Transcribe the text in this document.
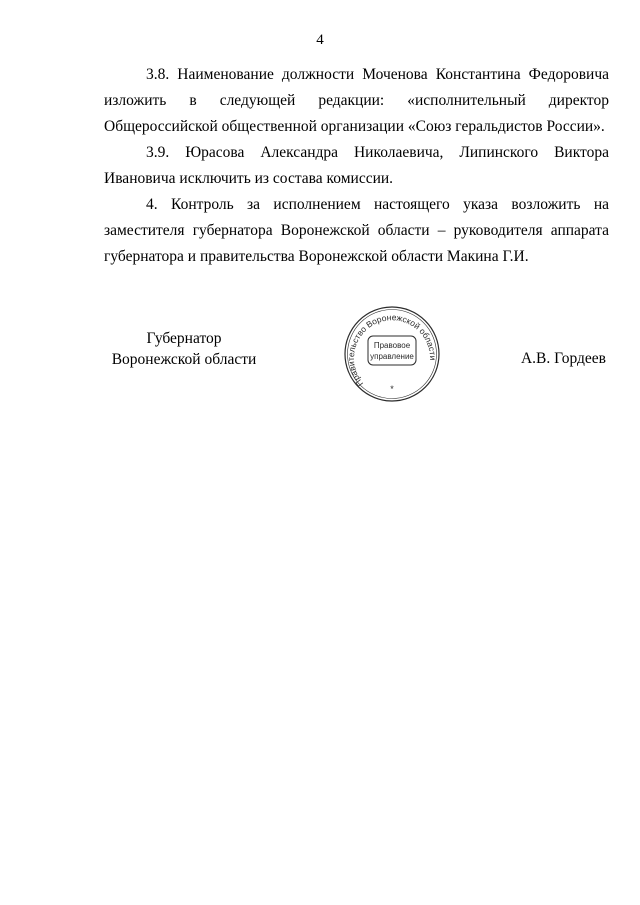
4

3.8. Наименование должности Моченова Константина Федоровича
изложить в следующей редакции: «исполнительный директор
Общероссийской общественной организации «Союз геральдистов России».

3.9. Юрасова Александра Николаевича, Липинского Виктора
Ивановича исключить из состава комиссии.

4. Контроль за исполнением настоящего указа возложить на
заместителя губернатора Воронежской области – руководителя аппарата
губернатора и правительства Воронежской области Макина Г.И.

Губернатор
Воронежской области
Правительство Воронежской области
Правовое
управление
*
А.В. Гордеев
